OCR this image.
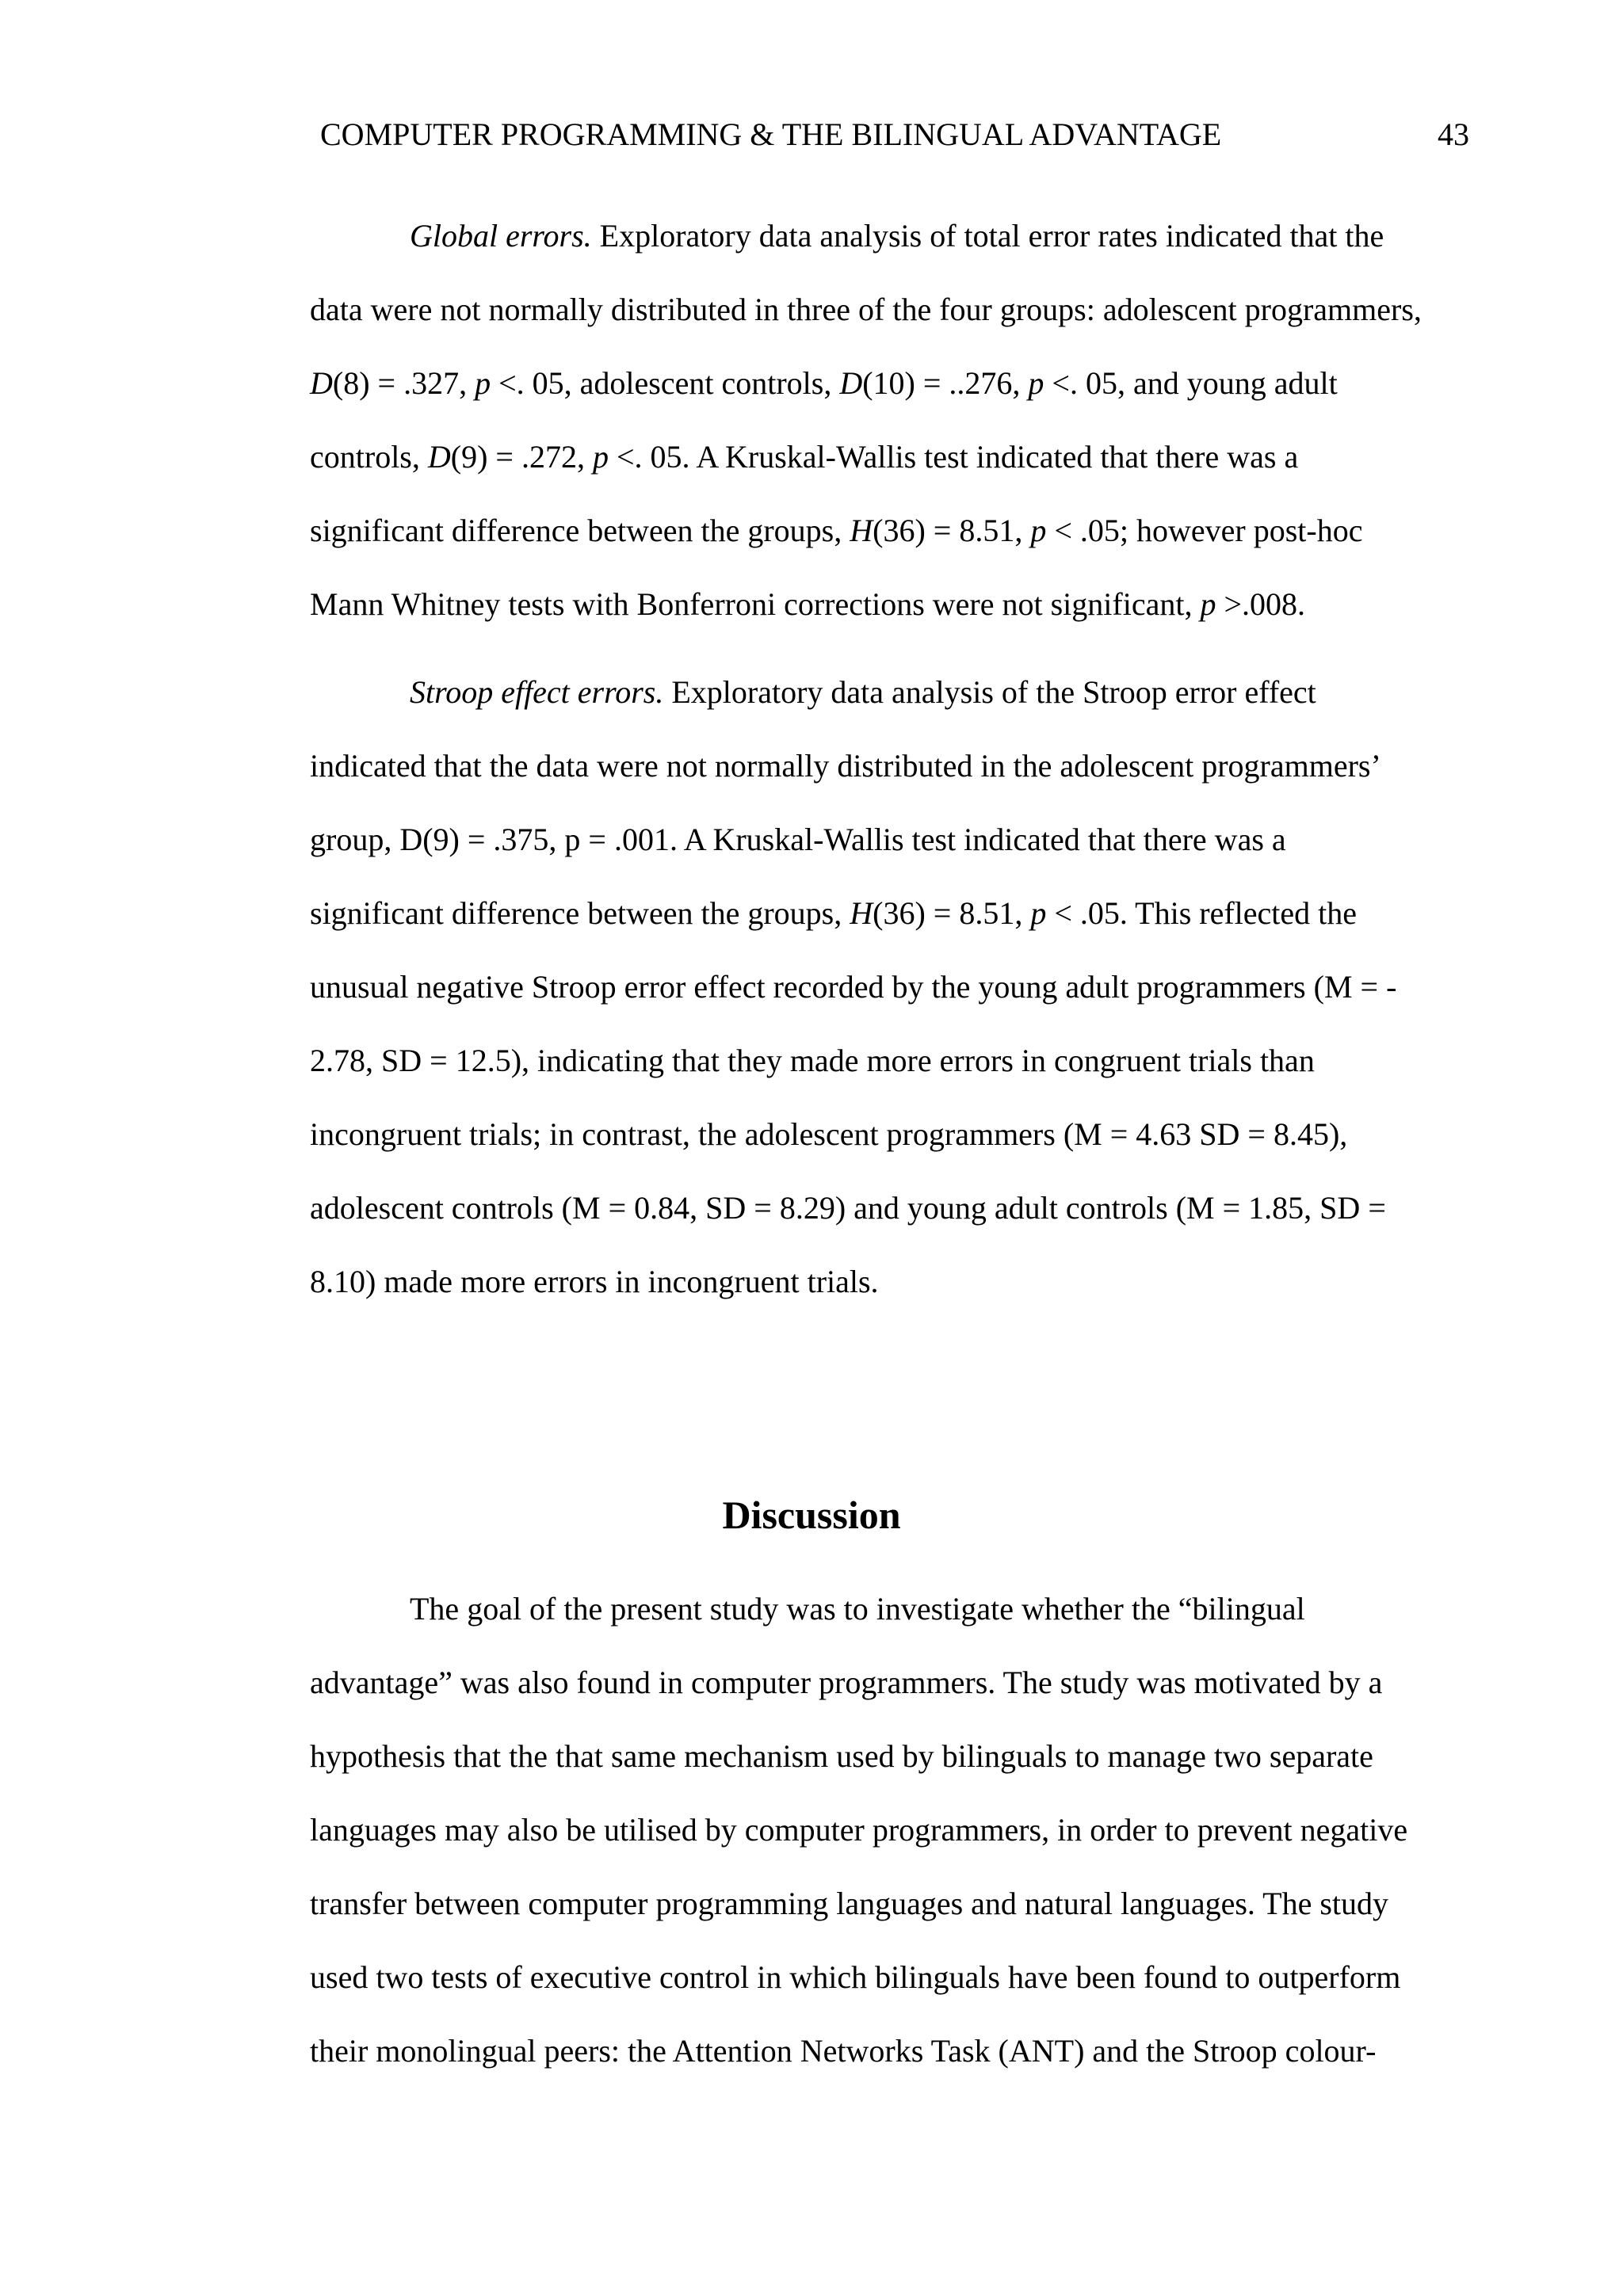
COMPUTER PROGRAMMING & THE BILINGUAL ADVANTAGE	43
Global errors. Exploratory data analysis of total error rates indicated that the
data were not normally distributed in three of the four groups: adolescent programmers,
D(8) = .327, p <. 05, adolescent controls, D(10) = ..276, p <. 05, and young adult
controls, D(9) = .272, p <. 05. A Kruskal-Wallis test indicated that there was a
significant difference between the groups, H(36) = 8.51, p < .05; however post-hoc
Mann Whitney tests with Bonferroni corrections were not significant, p >.008.
Stroop effect errors. Exploratory data analysis of the Stroop error effect
indicated that the data were not normally distributed in the adolescent programmers’
group, D(9) = .375, p = .001. A Kruskal-Wallis test indicated that there was a
significant difference between the groups, H(36) = 8.51, p < .05. This reflected the
unusual negative Stroop error effect recorded by the young adult programmers (M = -
2.78, SD = 12.5), indicating that they made more errors in congruent trials than
incongruent trials; in contrast, the adolescent programmers (M = 4.63 SD = 8.45),
adolescent controls (M = 0.84, SD = 8.29) and young adult controls (M = 1.85, SD =
8.10) made more errors in incongruent trials.
Discussion
The goal of the present study was to investigate whether the “bilingual
advantage” was also found in computer programmers. The study was motivated by a
hypothesis that the that same mechanism used by bilinguals to manage two separate
languages may also be utilised by computer programmers, in order to prevent negative
transfer between computer programming languages and natural languages. The study
used two tests of executive control in which bilinguals have been found to outperform
their monolingual peers: the Attention Networks Task (ANT) and the Stroop colour-
